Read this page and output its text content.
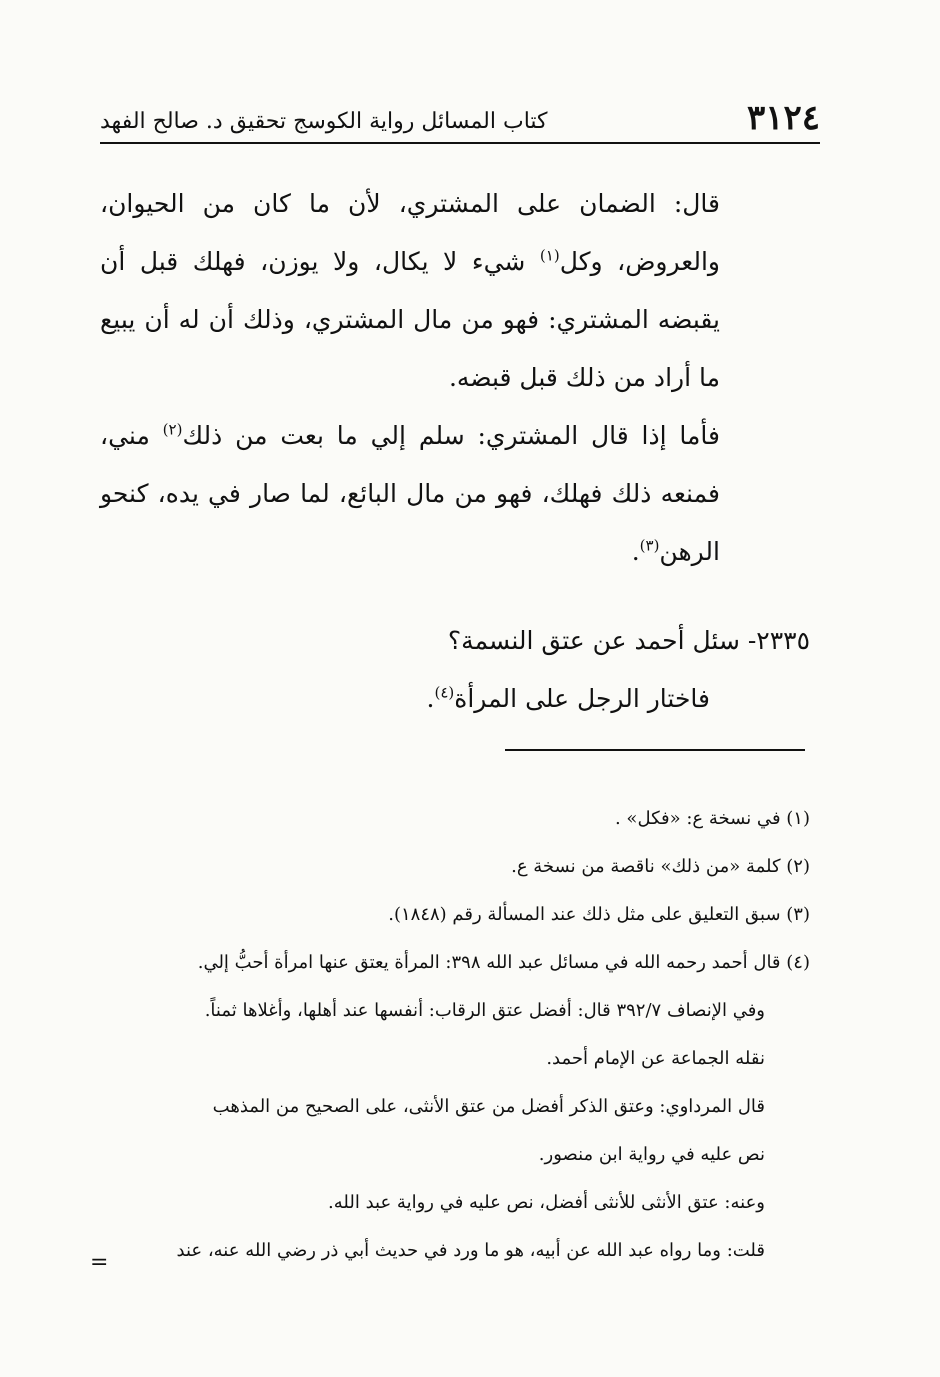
٣١٢٤
كتاب المسائل رواية الكوسج تحقيق د. صالح الفهد

قال: الضمان على المشتري، لأن ما كان من الحيوان، والعروض، وكل$^{(١)}$ شيء لا يكال، ولا يوزن، فهلك قبل أن يقبضه المشتري: فهو من مال المشتري، وذلك أن له أن يبيع ما أراد من ذلك قبل قبضه.

فأما إذا قال المشتري: سلم إلي ما بعت من ذلك$^{(٢)}$ مني، فمنعه ذلك فهلك، فهو من مال البائع، لما صار في يده، كنحو الرهن$^{(٣)}$.

٢٣٣٥- سئل أحمد عن عتق النسمة؟

فاختار الرجل على المرأة$^{(٤)}$.

(١) في نسخة ع: «فكل» .

(٢) كلمة «من ذلك» ناقصة من نسخة ع.

(٣) سبق التعليق على مثل ذلك عند المسألة رقم (١٨٤٨).

(٤) قال أحمد رحمه الله في مسائل عبد الله ٣٩٨: المرأة يعتق عنها امرأة أحبُّ إلي.

وفي الإنصاف ٣٩٢/٧ قال: أفضل عتق الرقاب: أنفسها عند أهلها، وأغلاها ثمناً.
نقله الجماعة عن الإمام أحمد.

قال المرداوي: وعتق الذكر أفضل من عتق الأنثى، على الصحيح من المذهب
نص عليه في رواية ابن منصور.

وعنه: عتق الأنثى للأنثى أفضل، نص عليه في رواية عبد الله.

قلت: وما رواه عبد الله عن أبيه، هو ما ورد في حديث أبي ذر رضي الله عنه، عند

=
